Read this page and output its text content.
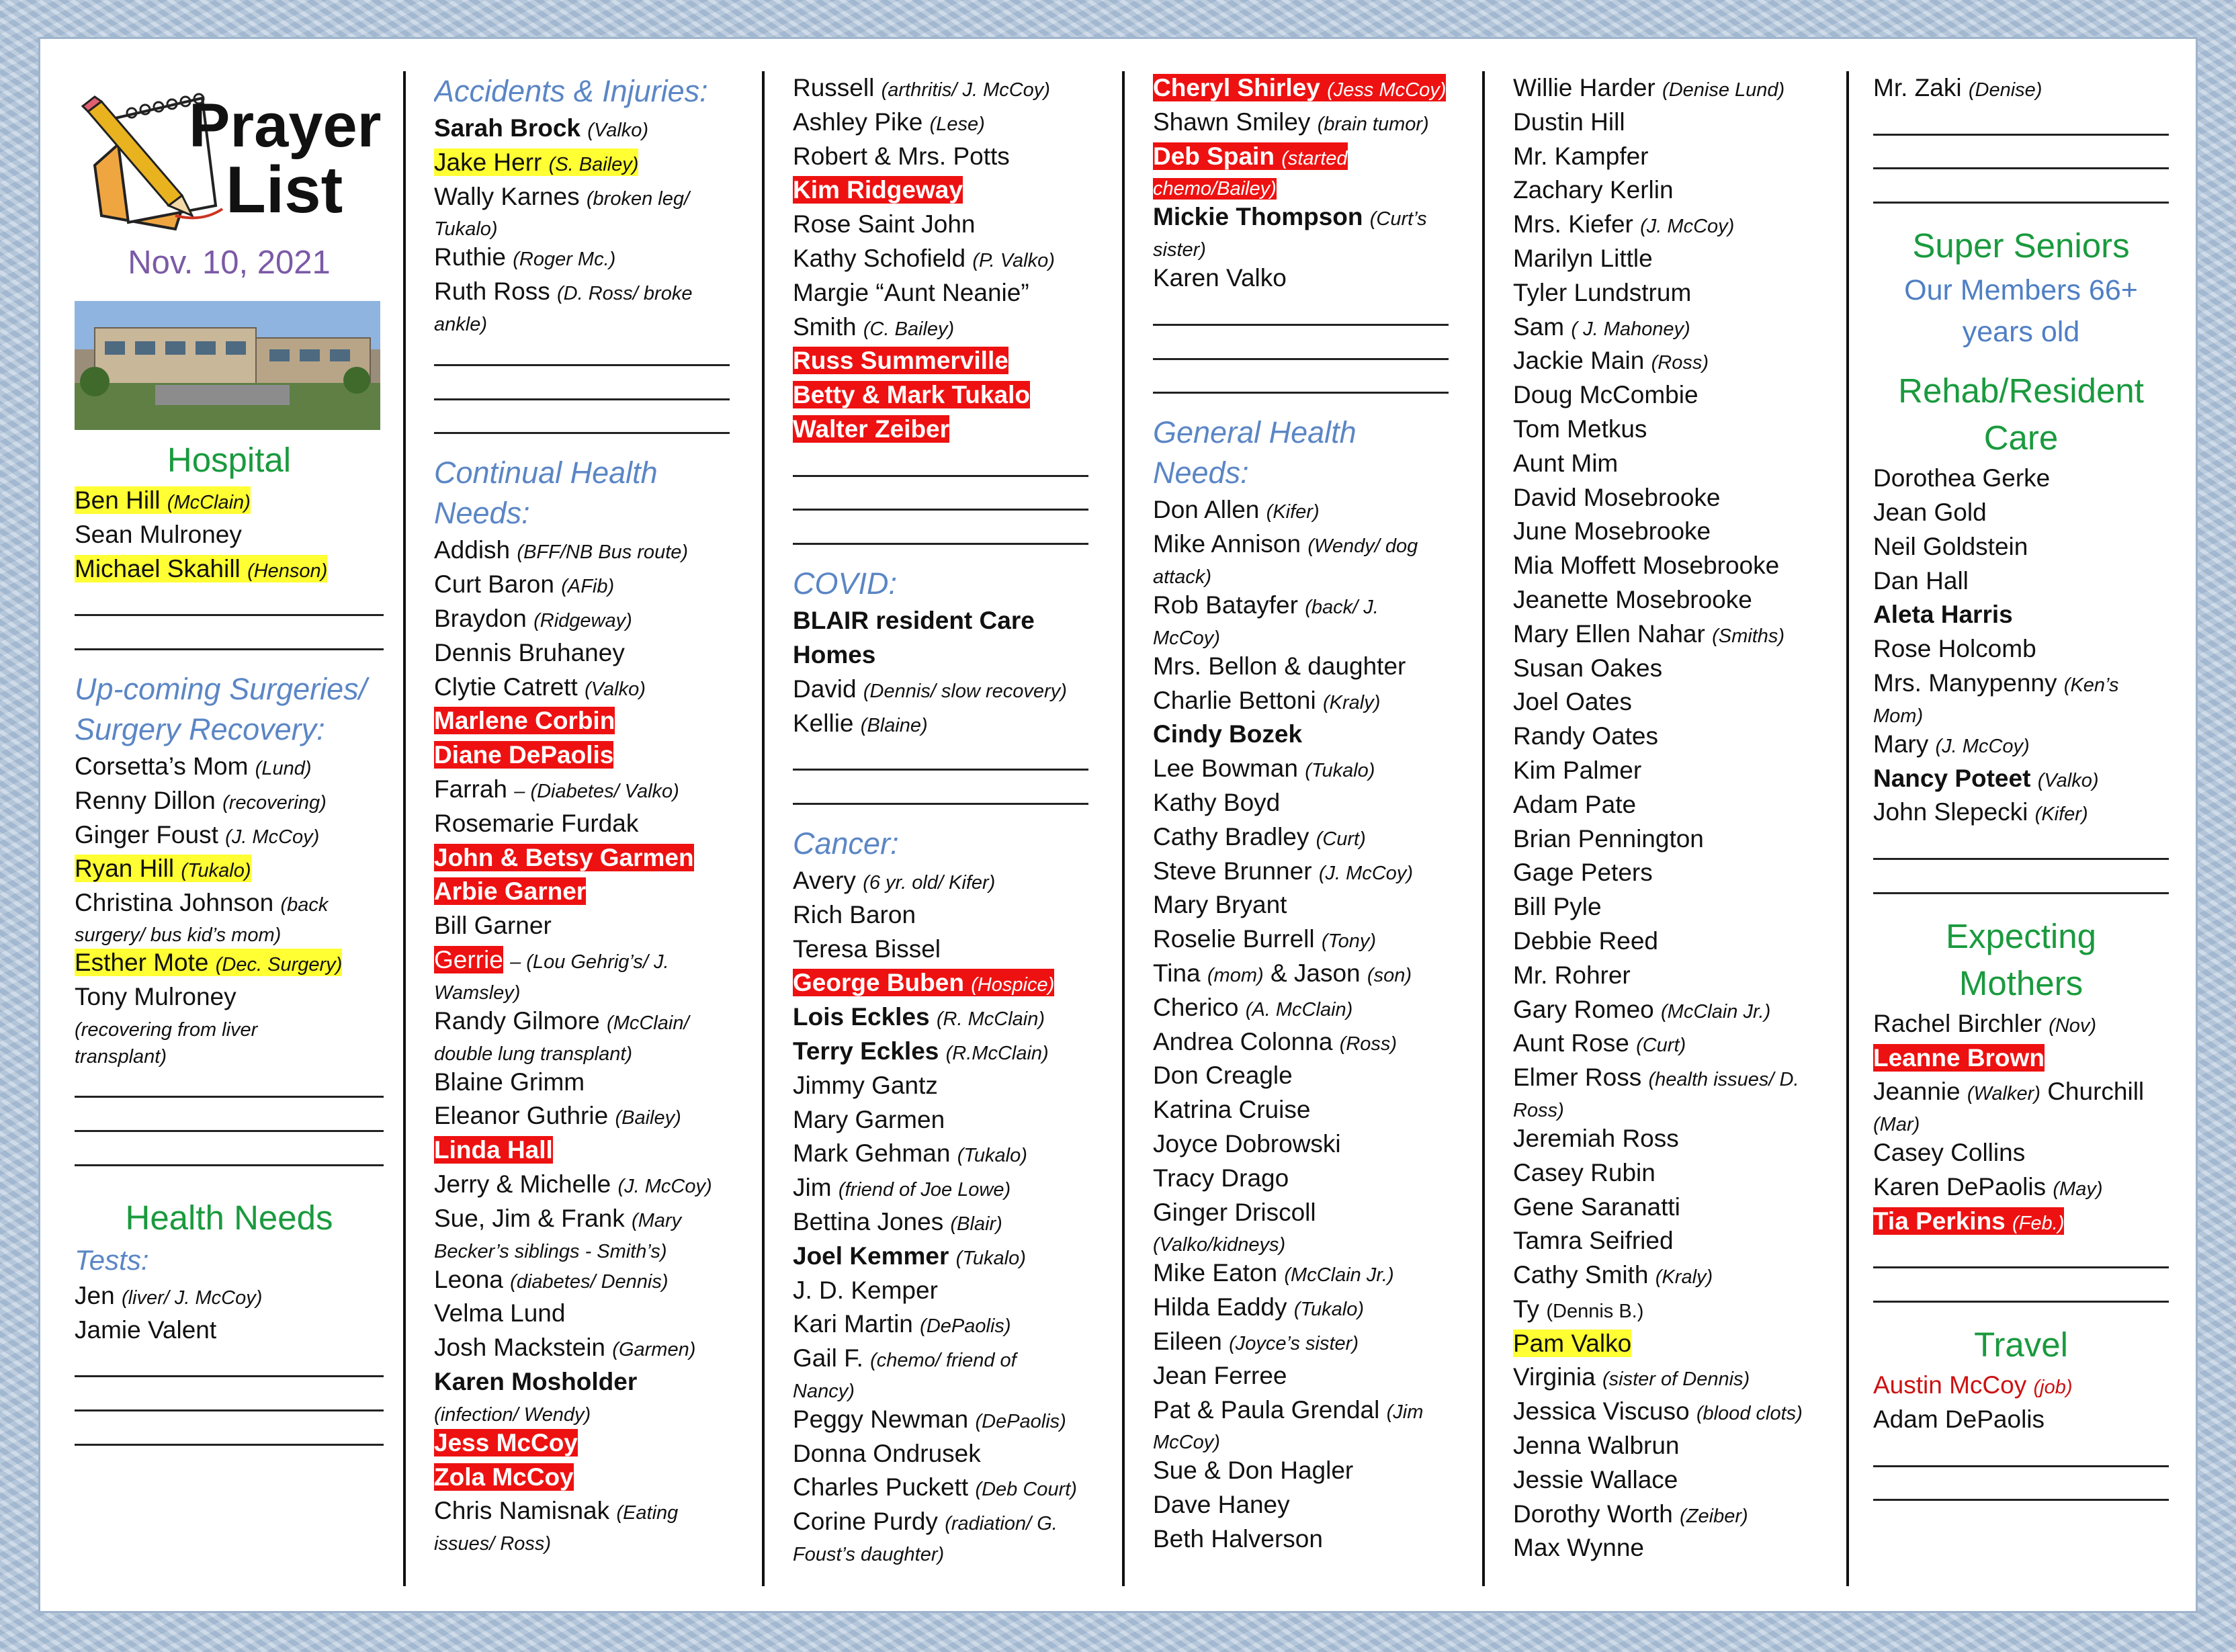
Prayer
List
Nov. 10, 2021
Hospital
Ben Hill (McClain)
Sean Mulroney
Michael Skahill (Henson)
Up-coming Surgeries/
Surgery Recovery:
Corsetta’s Mom (Lund)
Renny Dillon (recovering)
Ginger Foust (J. McCoy)
Ryan Hill (Tukalo)
Christina Johnson (back
surgery/ bus kid’s mom)
Esther Mote (Dec. Surgery)
Tony Mulroney
(recovering from liver
transplant)
Health Needs
Tests:
Jen (liver/ J. McCoy)
Jamie Valent
Accidents & Injuries:
Sarah Brock (Valko)
Jake Herr (S. Bailey)
Wally Karnes (broken leg/
Tukalo)
Ruthie (Roger Mc.)
Ruth Ross (D. Ross/ broke
ankle)
Continual Health
Needs:
Addish (BFF/NB Bus route)
Curt Baron (AFib)
Braydon (Ridgeway)
Dennis Bruhaney
Clytie Catrett (Valko)
Marlene Corbin
Diane DePaolis
Farrah – (Diabetes/ Valko)
Rosemarie Furdak
John & Betsy Garmen
Arbie Garner
Bill Garner
Gerrie – (Lou Gehrig’s/ J.
Wamsley)
Randy Gilmore (McClain/
double lung transplant)
Blaine Grimm
Eleanor Guthrie (Bailey)
Linda Hall
Jerry & Michelle (J. McCoy)
Sue, Jim & Frank (Mary
Becker’s siblings - Smith’s)
Leona (diabetes/ Dennis)
Velma Lund
Josh Mackstein (Garmen)
Karen Mosholder
(infection/ Wendy)
Jess McCoy
Zola McCoy
Chris Namisnak (Eating
issues/ Ross)
Russell (arthritis/ J. McCoy)
Ashley Pike (Lese)
Robert & Mrs. Potts
Kim Ridgeway
Rose Saint John
Kathy Schofield (P. Valko)
Margie “Aunt Neanie”
Smith (C. Bailey)
Russ Summerville
Betty & Mark Tukalo
Walter Zeiber
COVID:
BLAIR resident Care
Homes
David (Dennis/ slow recovery)
Kellie (Blaine)
Cancer:
Avery (6 yr. old/ Kifer)
Rich Baron
Teresa Bissel
George Buben (Hospice)
Lois Eckles (R. McClain)
Terry Eckles (R.McClain)
Jimmy Gantz
Mary Garmen
Mark Gehman (Tukalo)
Jim (friend of Joe Lowe)
Bettina Jones (Blair)
Joel Kemmer (Tukalo)
J. D. Kemper
Kari Martin (DePaolis)
Gail F. (chemo/ friend of
Nancy)
Peggy Newman (DePaolis)
Donna Ondrusek
Charles Puckett (Deb Court)
Corine Purdy (radiation/ G.
Foust’s daughter)
Cheryl Shirley (Jess McCoy)
Shawn Smiley (brain tumor)
Deb Spain (started
chemo/Bailey)
Mickie Thompson (Curt’s
sister)
Karen Valko
General Health
Needs:
Don Allen (Kifer)
Mike Annison (Wendy/ dog
attack)
Rob Batayfer (back/ J.
McCoy)
Mrs. Bellon & daughter
Charlie Bettoni (Kraly)
Cindy Bozek
Lee Bowman (Tukalo)
Kathy Boyd
Cathy Bradley (Curt)
Steve Brunner (J. McCoy)
Mary Bryant
Roselie Burrell (Tony)
Tina (mom) & Jason (son)
Cherico (A. McClain)
Andrea Colonna (Ross)
Don Creagle
Katrina Cruise
Joyce Dobrowski
Tracy Drago
Ginger Driscoll
(Valko/kidneys)
Mike Eaton (McClain Jr.)
Hilda Eaddy (Tukalo)
Eileen (Joyce’s sister)
Jean Ferree
Pat & Paula Grendal (Jim
McCoy)
Sue & Don Hagler
Dave Haney
Beth Halverson
Willie Harder (Denise Lund)
Dustin Hill
Mr. Kampfer
Zachary Kerlin
Mrs. Kiefer (J. McCoy)
Marilyn Little
Tyler Lundstrum
Sam ( J. Mahoney)
Jackie Main (Ross)
Doug McCombie
Tom Metkus
Aunt Mim
David Mosebrooke
June Mosebrooke
Mia Moffett Mosebrooke
Jeanette Mosebrooke
Mary Ellen Nahar (Smiths)
Susan Oakes
Joel Oates
Randy Oates
Kim Palmer
Adam Pate
Brian Pennington
Gage Peters
Bill Pyle
Debbie Reed
Mr. Rohrer
Gary Romeo (McClain Jr.)
Aunt Rose (Curt)
Elmer Ross (health issues/ D.
Ross)
Jeremiah Ross
Casey Rubin
Gene Saranatti
Tamra Seifried
Cathy Smith (Kraly)
Ty (Dennis B.)
Pam Valko
Virginia (sister of Dennis)
Jessica Viscuso (blood clots)
Jenna Walbrun
Jessie Wallace
Dorothy Worth (Zeiber)
Max Wynne
Mr. Zaki (Denise)
Super Seniors
Our Members 66+
years old
Rehab/Resident
Care
Dorothea Gerke
Jean Gold
Neil Goldstein
Dan Hall
Aleta Harris
Rose Holcomb
Mrs. Manypenny (Ken’s
Mom)
Mary (J. McCoy)
Nancy Poteet (Valko)
John Slepecki (Kifer)
Expecting
Mothers
Rachel Birchler (Nov)
Leanne Brown
Jeannie (Walker) Churchill
(Mar)
Casey Collins
Karen DePaolis (May)
Tia Perkins (Feb.)
Travel
Austin McCoy (job)
Adam DePaolis
